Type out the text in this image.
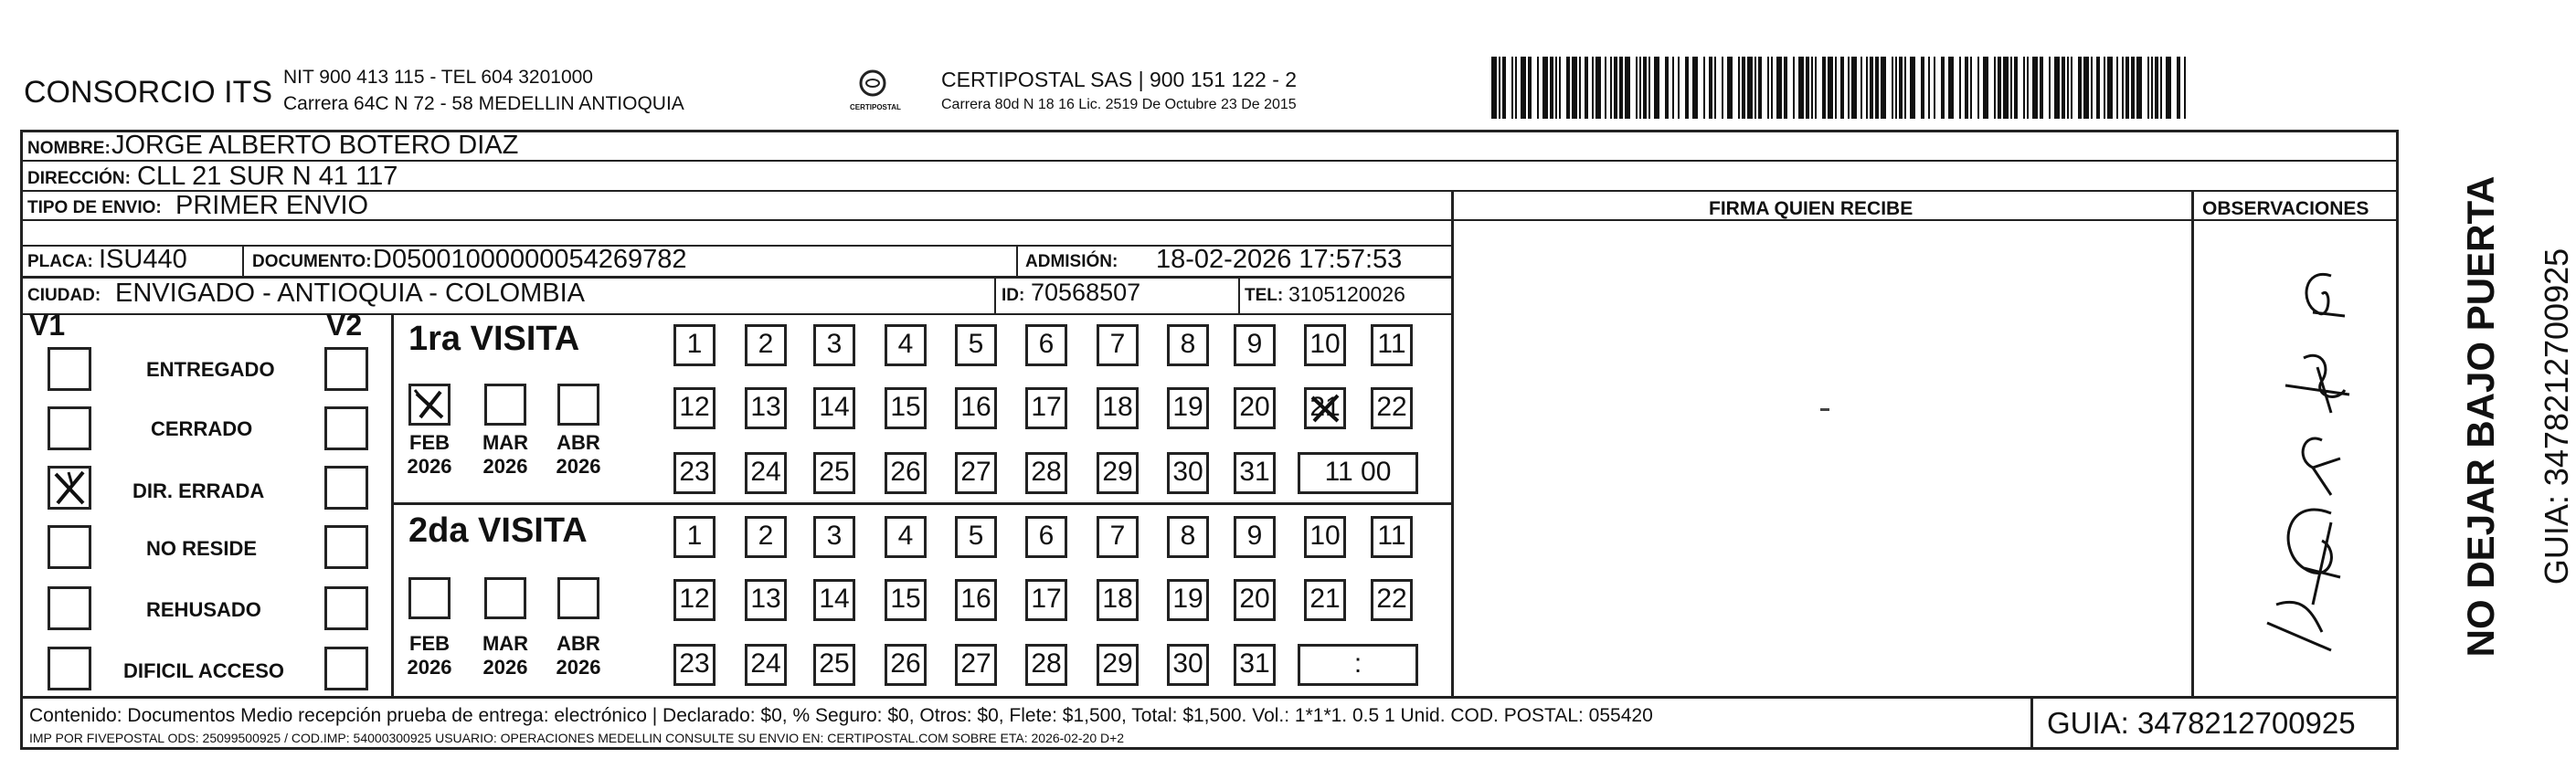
CONSORCIO ITS NIT 900 413 115 - TEL 604 3201000
Carrera 64C N 72 - 58 MEDELLIN ANTIOQUIA	CERTIPOSTAL
CERTIPOSTAL SAS | 900 151 122 - 2
Carrera 80d N 18 16 Lic. 2519 De Octubre 23 De 2015
NOMBRE: JORGE ALBERTO BOTERO DIAZ
DIRECCIÓN: CLL 21 SUR N 41 117
TIPO DE ENVIO: PRIMER ENVIO	FIRMA QUIEN RECIBE	OBSERVACIONES
PLACA: ISU440	DOCUMENTO: D05001000000054269782	ADMISIÓN: 18-02-2026 17:57:53
CIUDAD: ENVIGADO - ANTIOQUIA - COLOMBIA	ID: 70568507	TEL: 3105120026
V1	V2
ENTREGADO
CERRADO
DIR. ERRADA
NO RESIDE
REHUSADO
DIFICIL ACCESO
1ra VISITA
2da VISITA
FEB
2026
MAR
2026
ABR
2026
FEB
2026
MAR
2026
ABR
2026
1	2	3	4	5	6	7	8	9	10 11
12 13 14 15 16 17 18 19 20 21 22
23 24 25 26 27 28 29 30 31	11 00
1	2	3	4	5	6	7	8	9	10 11
12 13 14 15 16 17 18 19 20 21 22
23 24 25 26 27 28 29 30 31	:
NO DEJAR BAJO PUERTA GUIA: 3478212700925
Contenido: Documentos Medio recepción prueba de entrega: electrónico | Declarado: $0, % Seguro: $0, Otros: $0, Flete: $1,500, Total: $1,500. Vol.: 1*1*1. 0.5 1 Unid. COD. POSTAL: 055420
IMP POR FIVEPOSTAL ODS: 25099500925 / COD.IMP: 54000300925 USUARIO: OPERACIONES MEDELLIN CONSULTE SU ENVIO EN: CERTIPOSTAL.COM SOBRE ETA: 2026-02-20 D+2	GUIA: 3478212700925
